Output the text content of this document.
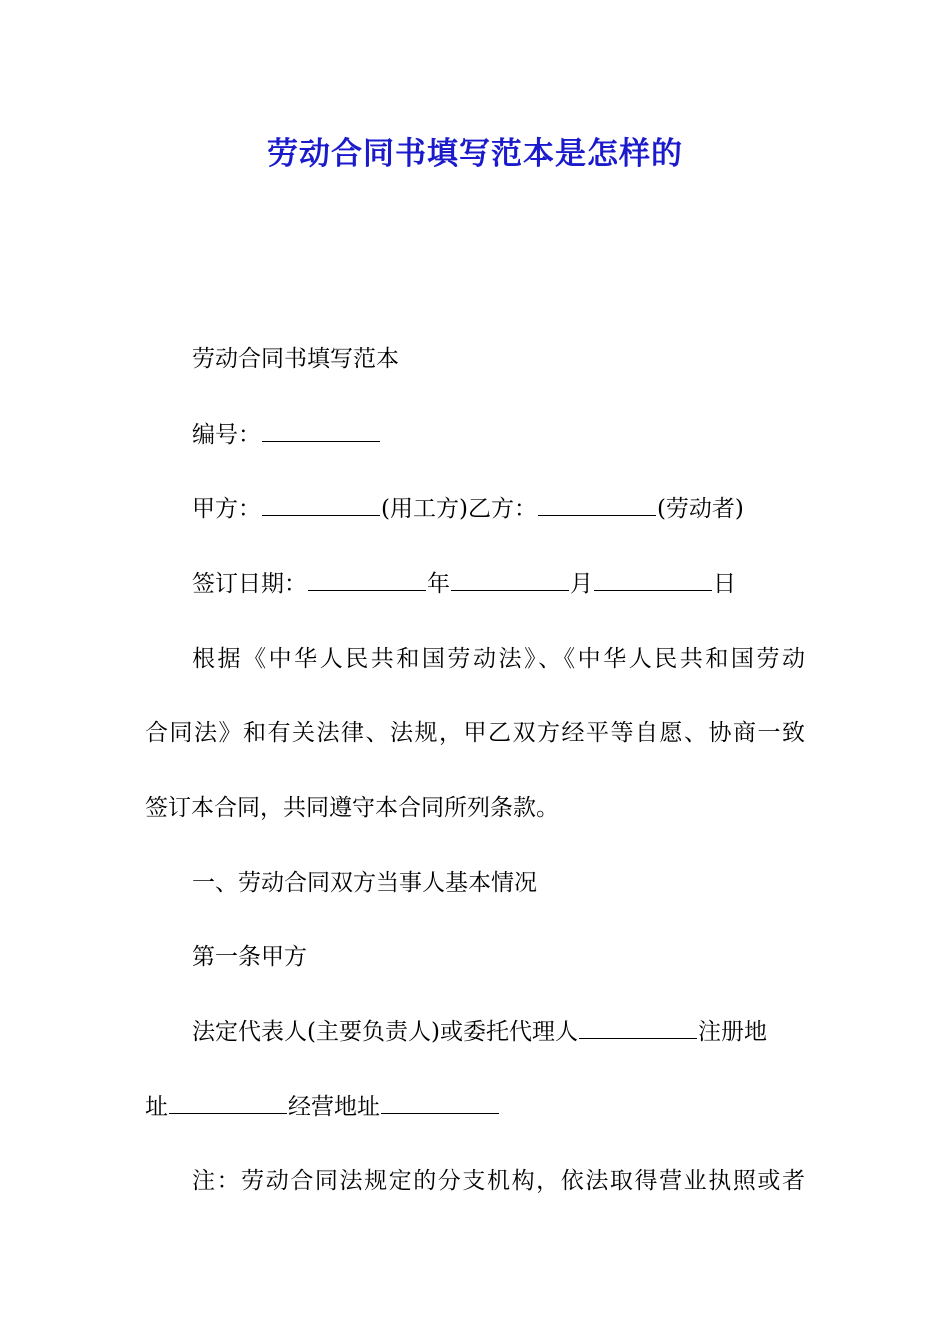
劳动合同书填写范本是怎样的
劳动合同书填写范本
编号：
甲方：	(用工方)乙方：	(劳动者)
签订日期：	年	月	日
根据《中华人民共和国劳动法》、《中华人民共和国劳动
合同法》和有关法律、法规，甲乙双方经平等自愿、协商一致
签订本合同，共同遵守本合同所列条款。
一、劳动合同双方当事人基本情况
第一条甲方
法定代表人(主要负责人)或委托代理人	注册地
址	经营地址
注：劳动合同法规定的分支机构，依法取得营业执照或者
